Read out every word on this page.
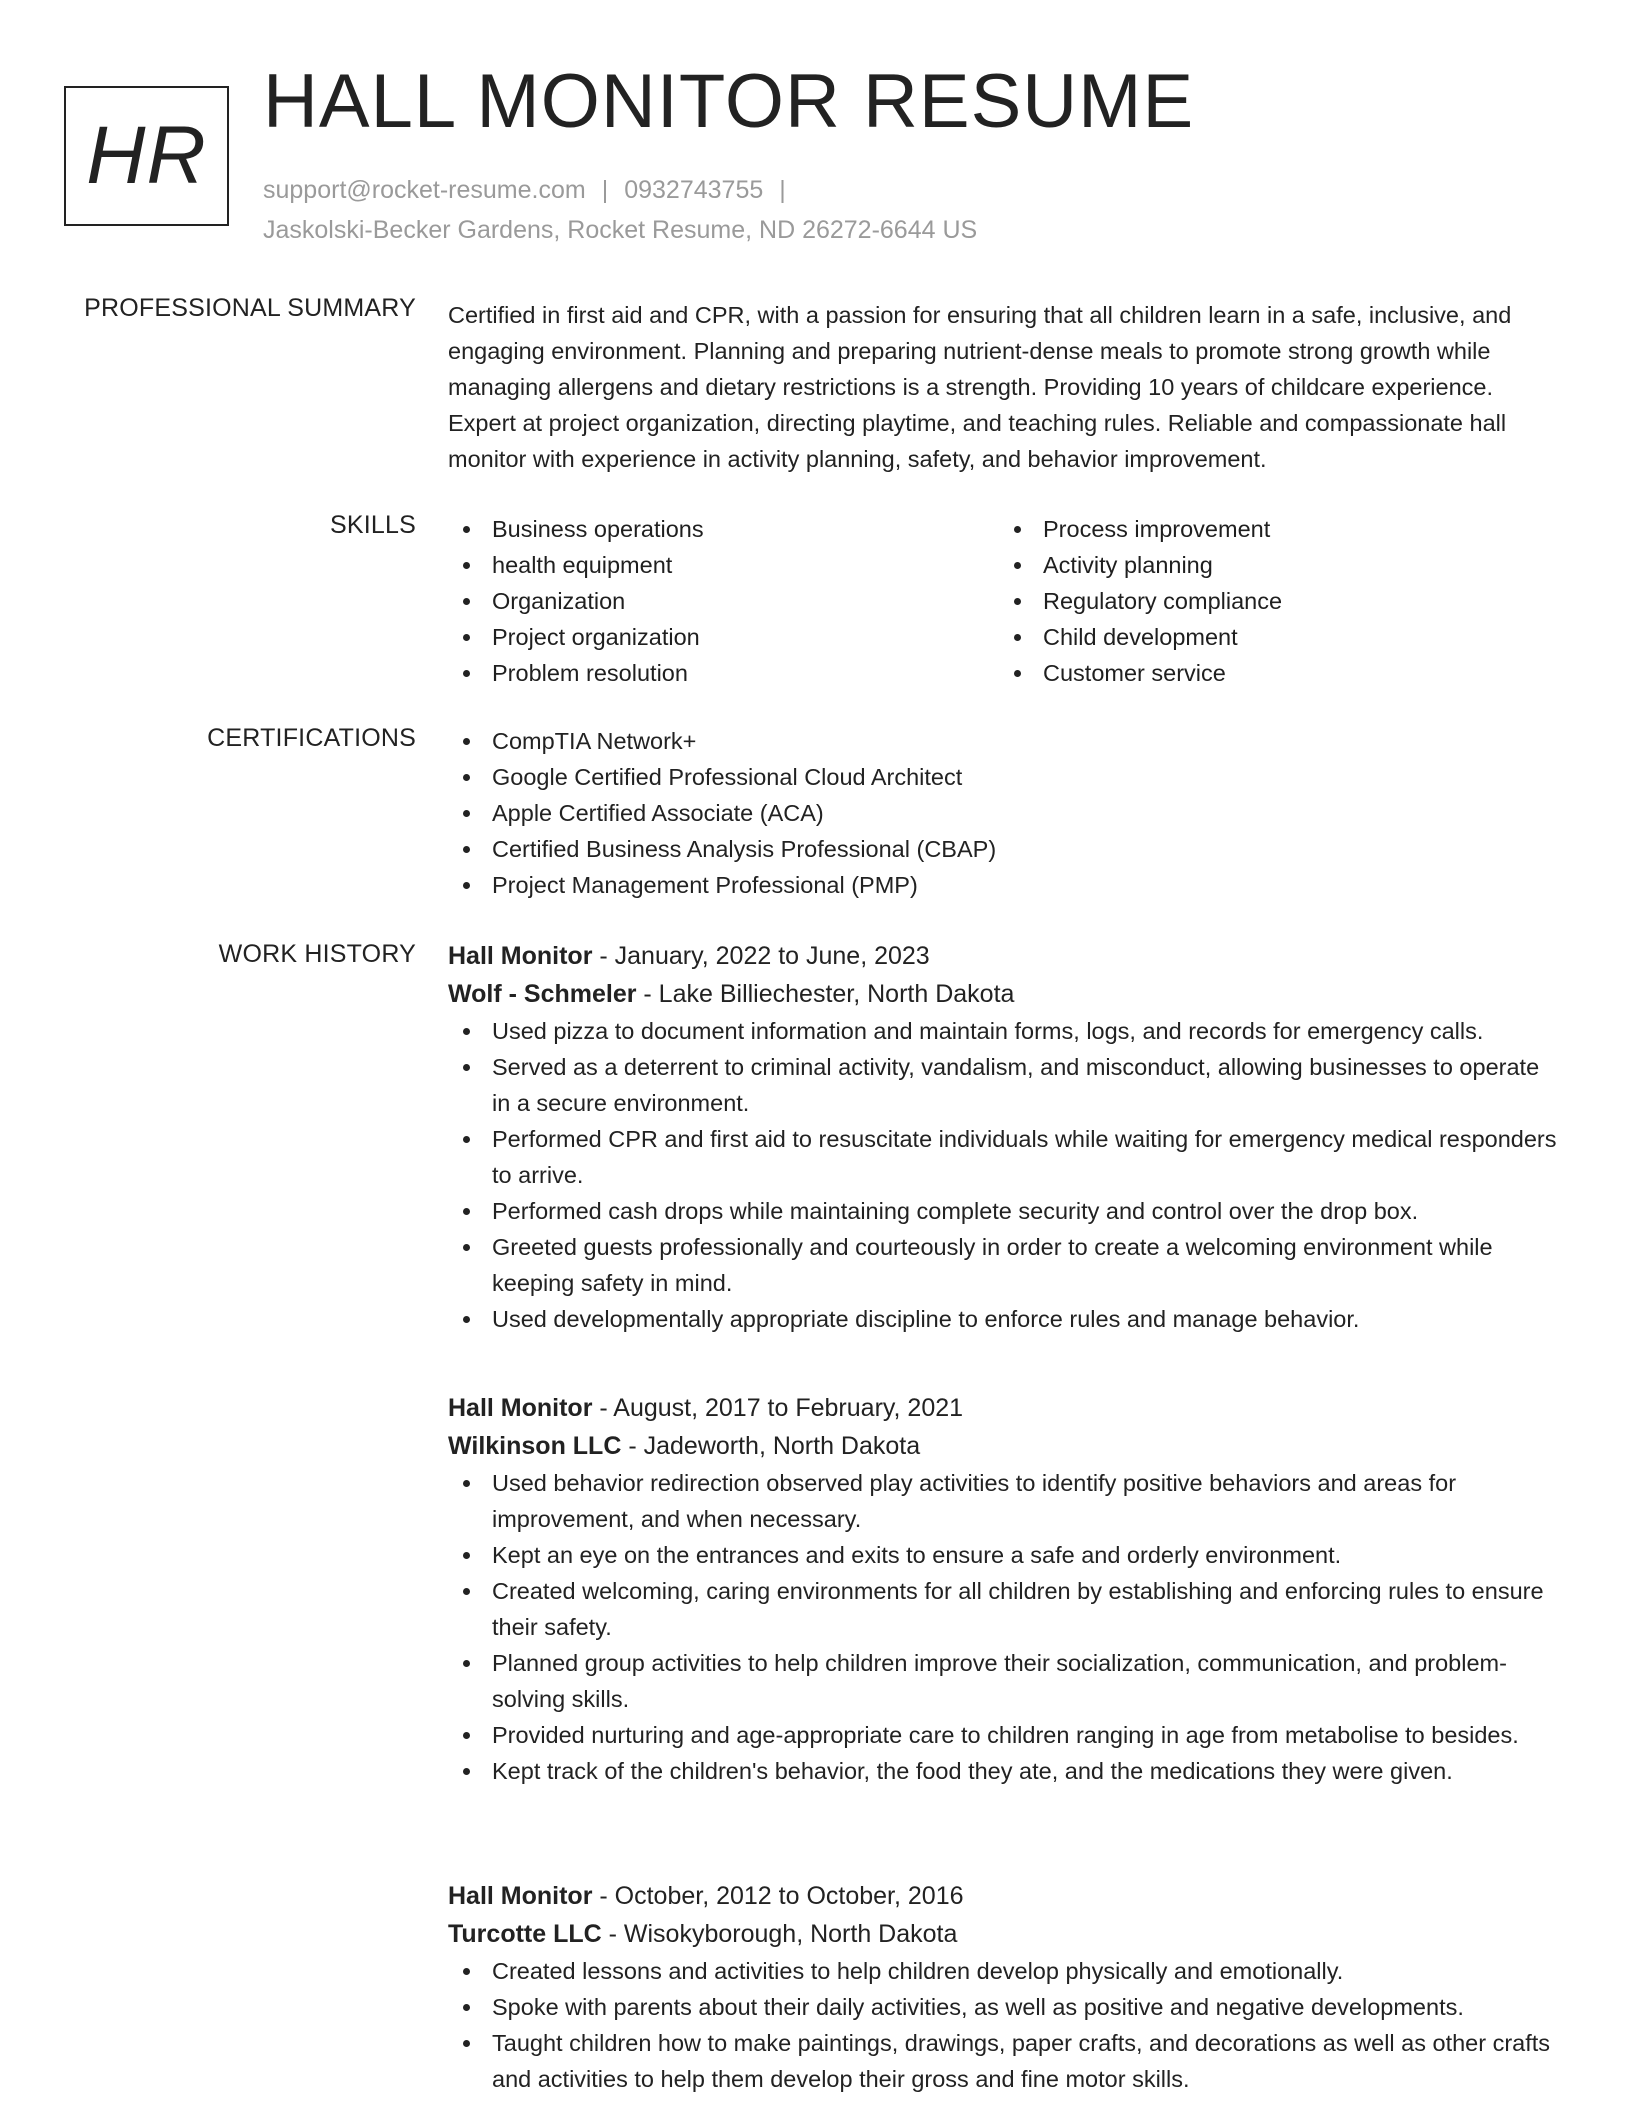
HR
HALL MONITOR RESUME
support@rocket-resume.com | 0932743755 |
Jaskolski-Becker Gardens, Rocket Resume, ND 26272-6644 US
PROFESSIONAL SUMMARY Certified in first aid and CPR, with a passion for ensuring that all children learn in a safe, inclusive, and engaging environment. Planning and preparing nutrient-dense meals to promote strong growth while managing allergens and dietary restrictions is a strength. Providing 10 years of childcare experience. Expert at project organization, directing playtime, and teaching rules. Reliable and compassionate hall monitor with experience in activity planning, safety, and behavior improvement.
SKILLS	Business operations
health equipment
Organization
Project organization
Problem resolution
Process improvement
Activity planning
Regulatory compliance
Child development
Customer service
CERTIFICATIONS	CompTIA Network+
Google Certified Professional Cloud Architect
Apple Certified Associate (ACA)
Certified Business Analysis Professional (CBAP)
Project Management Professional (PMP)
WORK HISTORY Hall Monitor - January, 2022 to June, 2023
Wolf - Schmeler - Lake Billiechester, North Dakota
Used pizza to document information and maintain forms, logs, and records for emergency calls.
Served as a deterrent to criminal activity, vandalism, and misconduct, allowing businesses to operate in a secure environment.
Performed CPR and first aid to resuscitate individuals while waiting for emergency medical responders to arrive.
Performed cash drops while maintaining complete security and control over the drop box.
Greeted guests professionally and courteously in order to create a welcoming environment while keeping safety in mind.
Used developmentally appropriate discipline to enforce rules and manage behavior.
Hall Monitor - August, 2017 to February, 2021
Wilkinson LLC - Jadeworth, North Dakota
Used behavior redirection observed play activities to identify positive behaviors and areas for improvement, and when necessary.
Kept an eye on the entrances and exits to ensure a safe and orderly environment.
Created welcoming, caring environments for all children by establishing and enforcing rules to ensure their safety.
Planned group activities to help children improve their socialization, communication, and problem-solving skills.
Provided nurturing and age-appropriate care to children ranging in age from metabolise to besides.
Kept track of the children's behavior, the food they ate, and the medications they were given.
Hall Monitor - October, 2012 to October, 2016
Turcotte LLC - Wisokyborough, North Dakota
Created lessons and activities to help children develop physically and emotionally.
Spoke with parents about their daily activities, as well as positive and negative developments.
Taught children how to make paintings, drawings, paper crafts, and decorations as well as other crafts and activities to help them develop their gross and fine motor skills.
